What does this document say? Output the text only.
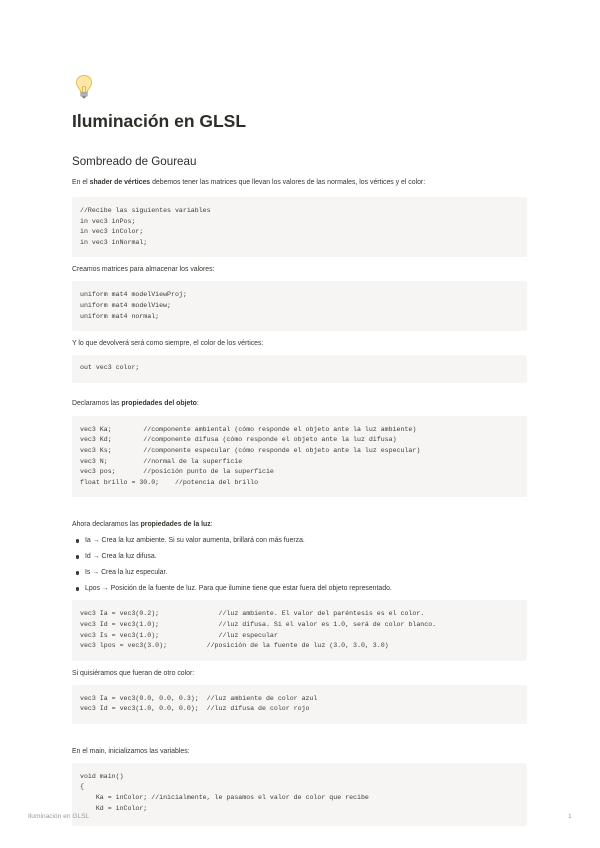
Iluminación en GLSL
Sombreado de Goureau

En el shader de vértices debemos tener las matrices que llevan los valores de las normales, los vértices y el color:

//Recibe las siguientes variables
in vec3 inPos;
in vec3 inColor;
in vec3 inNormal;

Creamos matrices para almacenar los valores:

uniform mat4 modelViewProj;
uniform mat4 modelView;
uniform mat4 normal;

Y lo que devolverá será como siempre, el color de los vértices:

out vec3 color;

Declaramos las propiedades del objeto:

vec3 Ka;        //componente ambiental (cómo responde el objeto ante la luz ambiente)
vec3 Kd;        //componente difusa (cómo responde el objeto ante la luz difusa)
vec3 Ks;        //componente especular (cómo responde el objeto ante la luz especular)
vec3 N;         //normal de la superficie
vec3 pos;       //posición punto de la superficie
float brillo = 30.0;    //potencia del brillo

Ahora declaramos las propiedades de la luz:

Ia → Crea la luz ambiente. Si su valor aumenta, brillará con más fuerza.
Id → Crea la luz difusa.
Is → Crea la luz especular.
Lpos → Posición de la fuente de luz. Para que ilumine tiene que estar fuera del objeto representado.
vec3 Ia = vec3(0.2);               //luz ambiente. El valor del paréntesis es el color.
vec3 Id = vec3(1.0);               //luz difusa. Si el valor es 1.0, será de color blanco.
vec3 Is = vec3(1.0);               //luz especular
vec3 lpos = vec3(3.0);          //posición de la fuente de luz (3.0, 3.0, 3.0)

Si quisiéramos que fueran de otro color:

vec3 Ia = vec3(0.0, 0.0, 0.3);  //luz ambiente de color azul
vec3 Id = vec3(1.0, 0.0, 0.0);  //luz difusa de color rojo

En el main, inicializamos las variables:

void main()
{
Ka = inColor; //inicialmente, le pasamos el valor de color que recibe
Kd = inColor;
Iluminación en GLSL	1
